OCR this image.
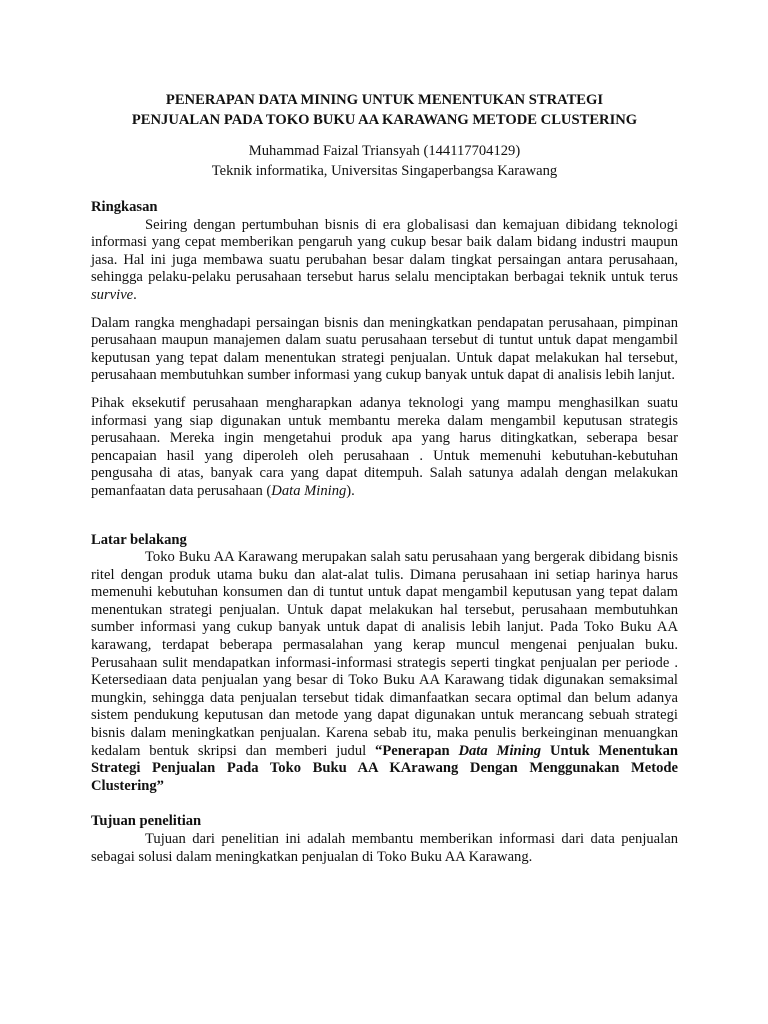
PENERAPAN DATA MINING UNTUK MENENTUKAN STRATEGI
PENJUALAN PADA TOKO BUKU AA KARAWANG METODE CLUSTERING
Muhammad Faizal Triansyah (144117704129)
Teknik informatika, Universitas Singaperbangsa Karawang
Ringkasan

Seiring dengan pertumbuhan bisnis di era globalisasi dan kemajuan dibidang teknologi informasi yang cepat memberikan pengaruh yang cukup besar baik dalam bidang industri maupun jasa. Hal ini juga membawa suatu perubahan besar dalam tingkat persaingan antara perusahaan, sehingga pelaku-pelaku perusahaan tersebut harus selalu menciptakan berbagai teknik untuk terus survive.

Dalam rangka menghadapi persaingan bisnis dan meningkatkan pendapatan perusahaan, pimpinan perusahaan maupun manajemen dalam suatu perusahaan tersebut di tuntut untuk dapat mengambil keputusan yang tepat dalam menentukan strategi penjualan. Untuk dapat melakukan hal tersebut, perusahaan membutuhkan sumber informasi yang cukup banyak untuk dapat di analisis lebih lanjut.

Pihak eksekutif perusahaan mengharapkan adanya teknologi yang mampu menghasilkan suatu informasi yang siap digunakan untuk membantu mereka dalam mengambil keputusan strategis perusahaan. Mereka ingin mengetahui produk apa yang harus ditingkatkan, seberapa besar pencapaian hasil yang diperoleh oleh perusahaan . Untuk memenuhi kebutuhan-kebutuhan pengusaha di atas, banyak cara yang dapat ditempuh. Salah satunya adalah dengan melakukan pemanfaatan data perusahaan (Data Mining).

Latar belakang

Toko Buku AA Karawang merupakan salah satu perusahaan yang bergerak dibidang bisnis ritel dengan produk utama buku dan alat-alat tulis. Dimana perusahaan ini setiap harinya harus memenuhi kebutuhan konsumen dan di tuntut untuk dapat mengambil keputusan yang tepat dalam menentukan strategi penjualan. Untuk dapat melakukan hal tersebut, perusahaan membutuhkan sumber informasi yang cukup banyak untuk dapat di analisis lebih lanjut. Pada Toko Buku AA karawang, terdapat beberapa permasalahan yang kerap muncul mengenai penjualan buku. Perusahaan sulit mendapatkan informasi-informasi strategis seperti tingkat penjualan per periode . Ketersediaan data penjualan yang besar di Toko Buku AA Karawang tidak digunakan semaksimal mungkin, sehingga data penjualan tersebut tidak dimanfaatkan secara optimal dan belum adanya sistem pendukung keputusan dan metode yang dapat digunakan untuk merancang sebuah strategi bisnis dalam meningkatkan penjualan. Karena sebab itu, maka penulis berkeinginan menuangkan kedalam bentuk skripsi dan memberi judul “Penerapan Data Mining Untuk Menentukan Strategi Penjualan Pada Toko Buku AA KArawang Dengan Menggunakan Metode Clustering”

Tujuan penelitian

Tujuan dari penelitian ini adalah membantu memberikan informasi dari data penjualan sebagai solusi dalam meningkatkan penjualan di Toko Buku AA Karawang.
